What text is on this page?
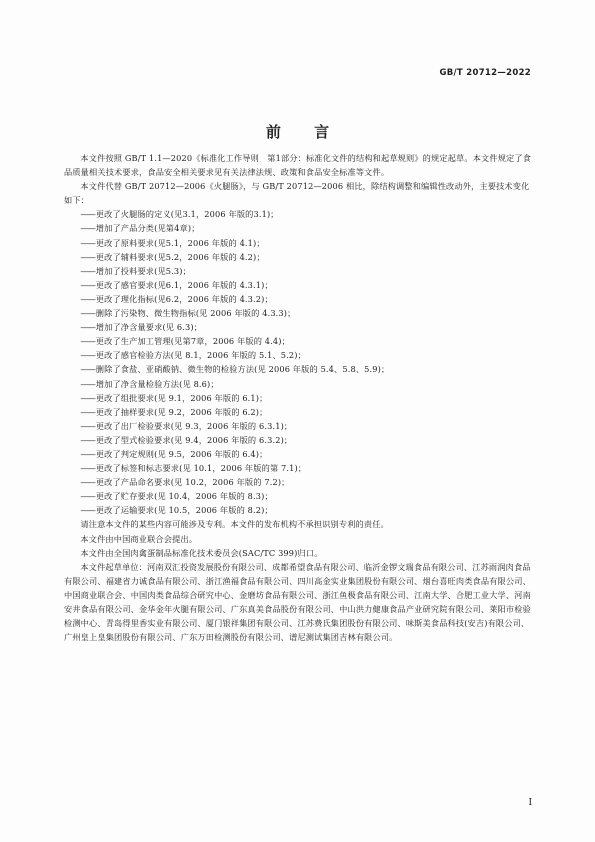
GB/T 20712—2022
前 言

本文件按照 GB/T 1.1—2020《标准化工作导则　第1部分：标准化文件的结构和起草规则》的规定起草。本文件规定了食品质量相关技术要求，食品安全相关要求见有关法律法规、政策和食品安全标准等文件。

本文件代替 GB/T 20712—2006《火腿肠》，与 GB/T 20712—2006 相比，除结构调整和编辑性改动外，主要技术变化如下：

——更改了火腿肠的定义(见3.1，2006 年版的3.1)；
——增加了产品分类(见第4章)；
——更改了原料要求(见5.1，2006 年版的 4.1)；
——更改了辅料要求(见5.2，2006 年版的 4.2)；
——增加了投料要求(见5.3)；
——更改了感官要求(见6.1，2006 年版的 4.3.1)；
——更改了理化指标(见6.2，2006 年版的 4.3.2)；
——删除了污染物、微生物指标(见 2006 年版的 4.3.3)；
——增加了净含量要求(见 6.3)；
——更改了生产加工管理(见第7章，2006 年版的 4.4)；
——更改了感官检验方法(见 8.1，2006 年版的 5.1、5.2)；
——删除了食盐、亚硝酸钠、微生物的检验方法(见 2006 年版的 5.4、5.8、5.9)；
——增加了净含量检验方法(见 8.6)；
——更改了组批要求(见 9.1，2006 年版的 6.1)；
——更改了抽样要求(见 9.2，2006 年版的 6.2)；
——更改了出厂检验要求(见 9.3，2006 年版的 6.3.1)；
——更改了型式检验要求(见 9.4，2006 年版的 6.3.2)；
——更改了判定规则(见 9.5，2006 年版的 6.4)；
——更改了标签和标志要求(见 10.1，2006 年版的第 7.1)；
——更改了产品命名要求(见 10.2，2006 年版的 7.2)；
——更改了贮存要求(见 10.4，2006 年版的 8.3)；
——更改了运输要求(见 10.5，2006 年版的 8.2)；

请注意本文件的某些内容可能涉及专利。本文件的发布机构不承担识别专利的责任。

本文件由中国商业联合会提出。

本文件由全国肉禽蛋制品标准化技术委员会(SAC/TC 399)归口。

本文件起草单位：河南双汇投资发展股份有限公司、成都希望食品有限公司、临沂金锣文瑞食品有限公司、江苏雨润肉食品有限公司、福建省力诚食品有限公司、浙江渔福食品有限公司、四川高金实业集团股份有限公司、烟台喜旺肉类食品有限公司、中国商业联合会、中国肉类食品综合研究中心、金磨坊食品有限公司、浙江鱼极食品有限公司、江南大学、合肥工业大学、河南安井食品有限公司、金华金年火腿有限公司、广东真美食品股份有限公司、中山洪力健康食品产业研究院有限公司、莱阳市检验检测中心、青岛得里香实业有限公司、厦门银祥集团有限公司、江苏费氏集团股份有限公司、味斯美食品科技(安吉)有限公司、广州皇上皇集团股份有限公司、广东万田检测股份有限公司、谱尼测试集团吉林有限公司。

I
